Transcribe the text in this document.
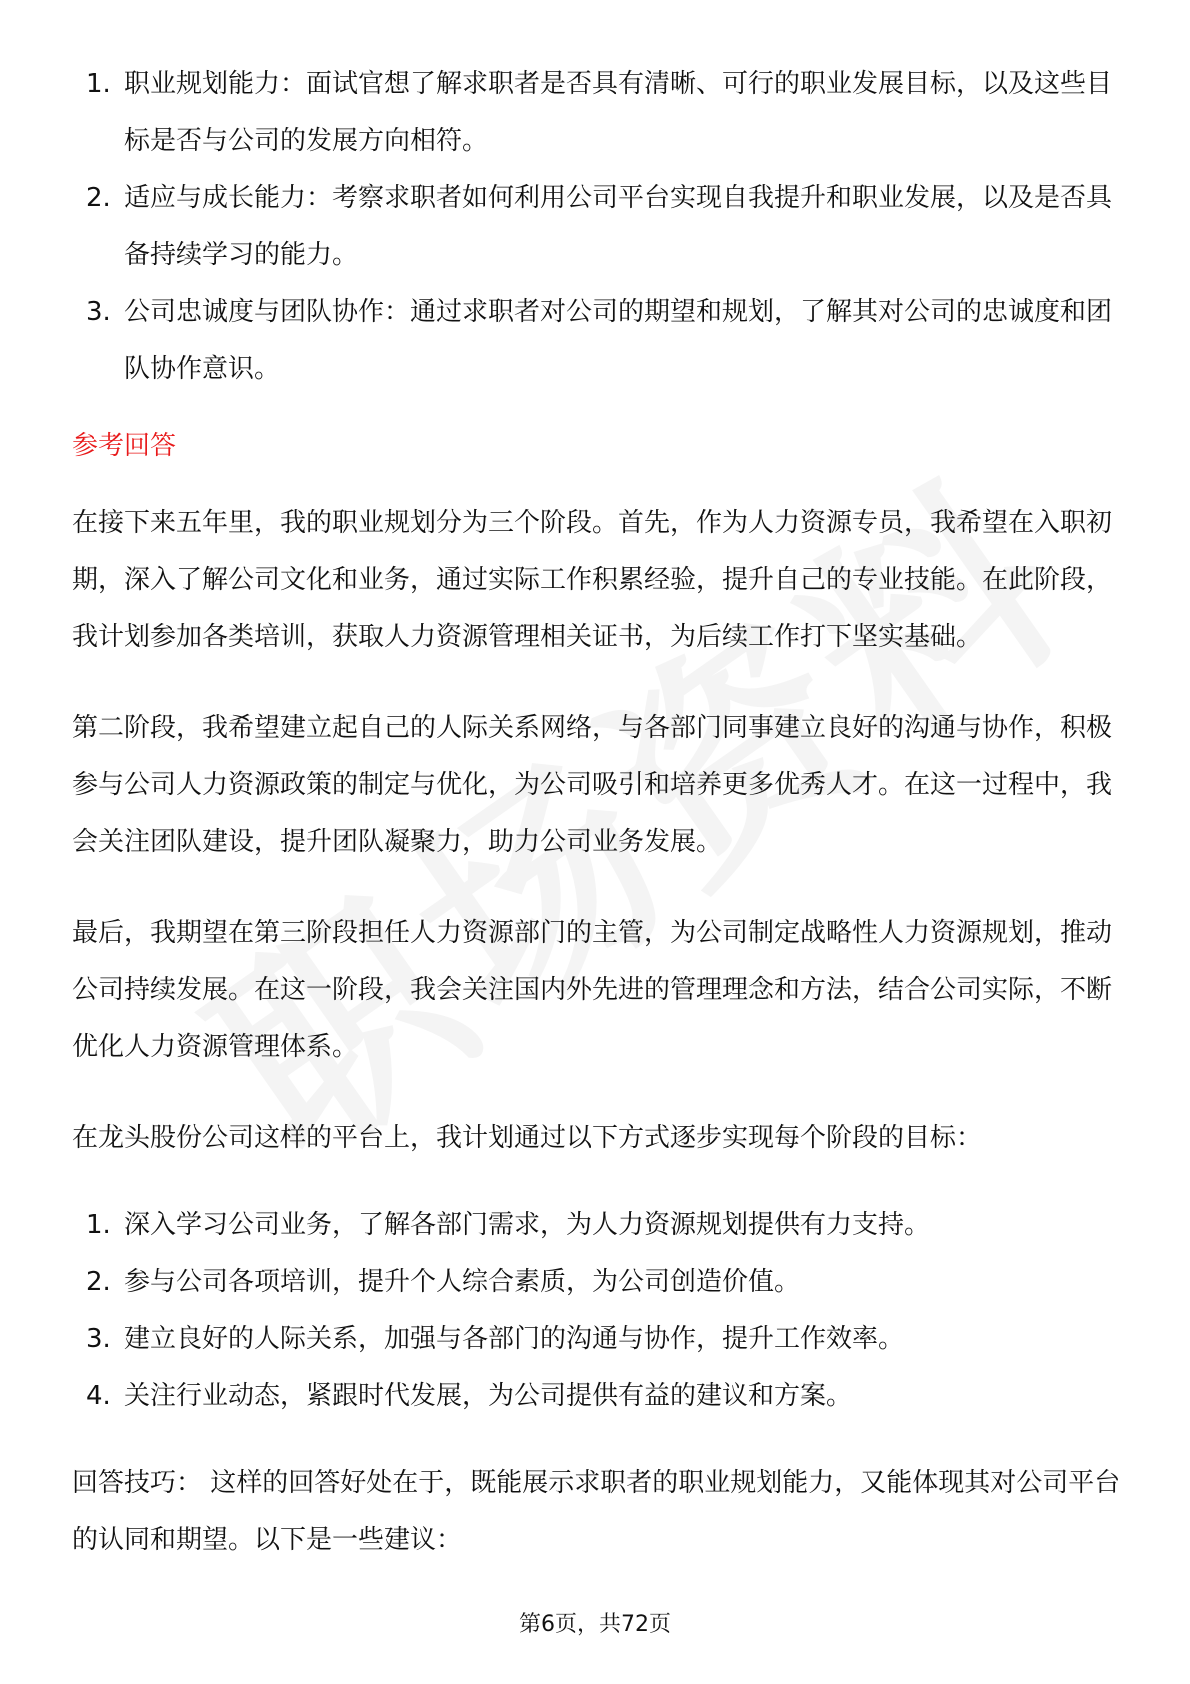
1. 职业规划能力：面试官想了解求职者是否具有清晰、可行的职业发展目标，以及这些目标是否与公司的发展方向相符。
2. 适应与成长能力：考察求职者如何利用公司平台实现自我提升和职业发展，以及是否具备持续学习的能力。
3. 公司忠诚度与团队协作：通过求职者对公司的期望和规划，了解其对公司的忠诚度和团队协作意识。
参考回答

在接下来五年里，我的职业规划分为三个阶段。首先，作为人力资源专员，我希望在入职初期，深入了解公司文化和业务，通过实际工作积累经验，提升自己的专业技能。在此阶段，我计划参加各类培训，获取人力资源管理相关证书，为后续工作打下坚实基础。

第二阶段，我希望建立起自己的人际关系网络，与各部门同事建立良好的沟通与协作，积极参与公司人力资源政策的制定与优化，为公司吸引和培养更多优秀人才。在这一过程中，我会关注团队建设，提升团队凝聚力，助力公司业务发展。

最后，我期望在第三阶段担任人力资源部门的主管，为公司制定战略性人力资源规划，推动公司持续发展。在这一阶段，我会关注国内外先进的管理理念和方法，结合公司实际，不断优化人力资源管理体系。

在龙头股份公司这样的平台上，我计划通过以下方式逐步实现每个阶段的目标：

1. 深入学习公司业务，了解各部门需求，为人力资源规划提供有力支持。
2. 参与公司各项培训，提升个人综合素质，为公司创造价值。
3. 建立良好的人际关系，加强与各部门的沟通与协作，提升工作效率。
4. 关注行业动态，紧跟时代发展，为公司提供有益的建议和方案。

回答技巧： 这样的回答好处在于，既能展示求职者的职业规划能力，又能体现其对公司平台的认同和期望。以下是一些建议：

第6页，共72页
